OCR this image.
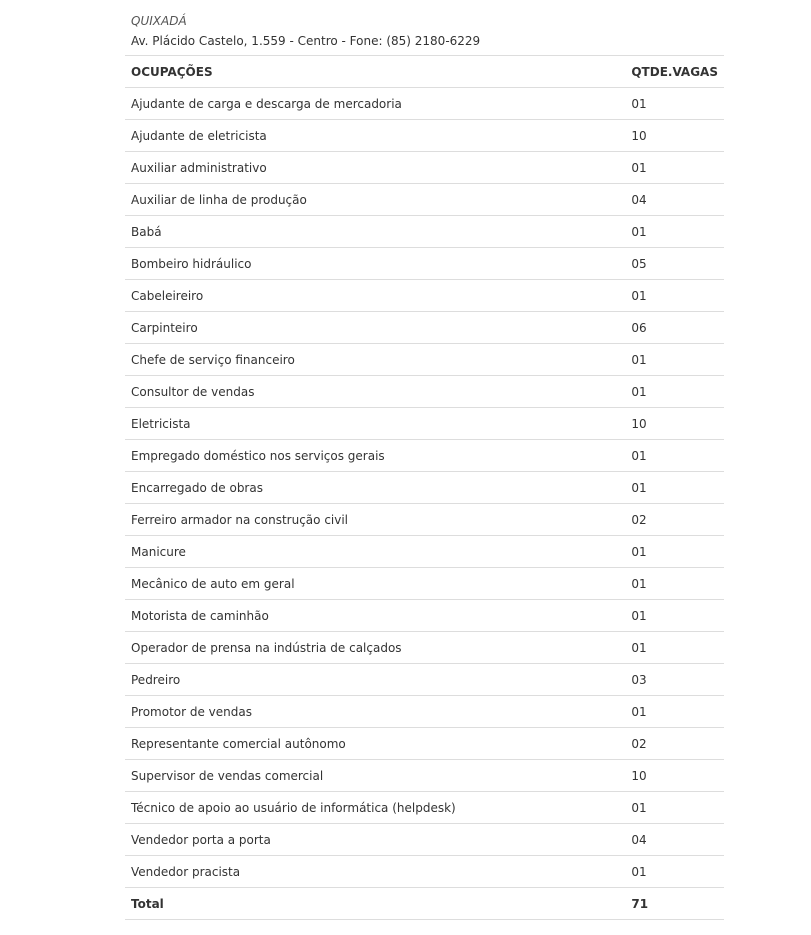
QUIXADÁ
Av. Plácido Castelo, 1.559 - Centro - Fone: (85) 2180-6229
OCUPAÇÕES	QTDE.VAGAS
Ajudante de carga e descarga de mercadoria	01
Ajudante de eletricista	10
Auxiliar administrativo	01
Auxiliar de linha de produção	04
Babá	01
Bombeiro hidráulico	05
Cabeleireiro	01
Carpinteiro	06
Chefe de serviço financeiro	01
Consultor de vendas	01
Eletricista	10
Empregado doméstico nos serviços gerais	01
Encarregado de obras	01
Ferreiro armador na construção civil	02
Manicure	01
Mecânico de auto em geral	01
Motorista de caminhão	01
Operador de prensa na indústria de calçados	01
Pedreiro	03
Promotor de vendas	01
Representante comercial autônomo	02
Supervisor de vendas comercial	10
Técnico de apoio ao usuário de informática (helpdesk)	01
Vendedor porta a porta	04
Vendedor pracista	01
Total	71
